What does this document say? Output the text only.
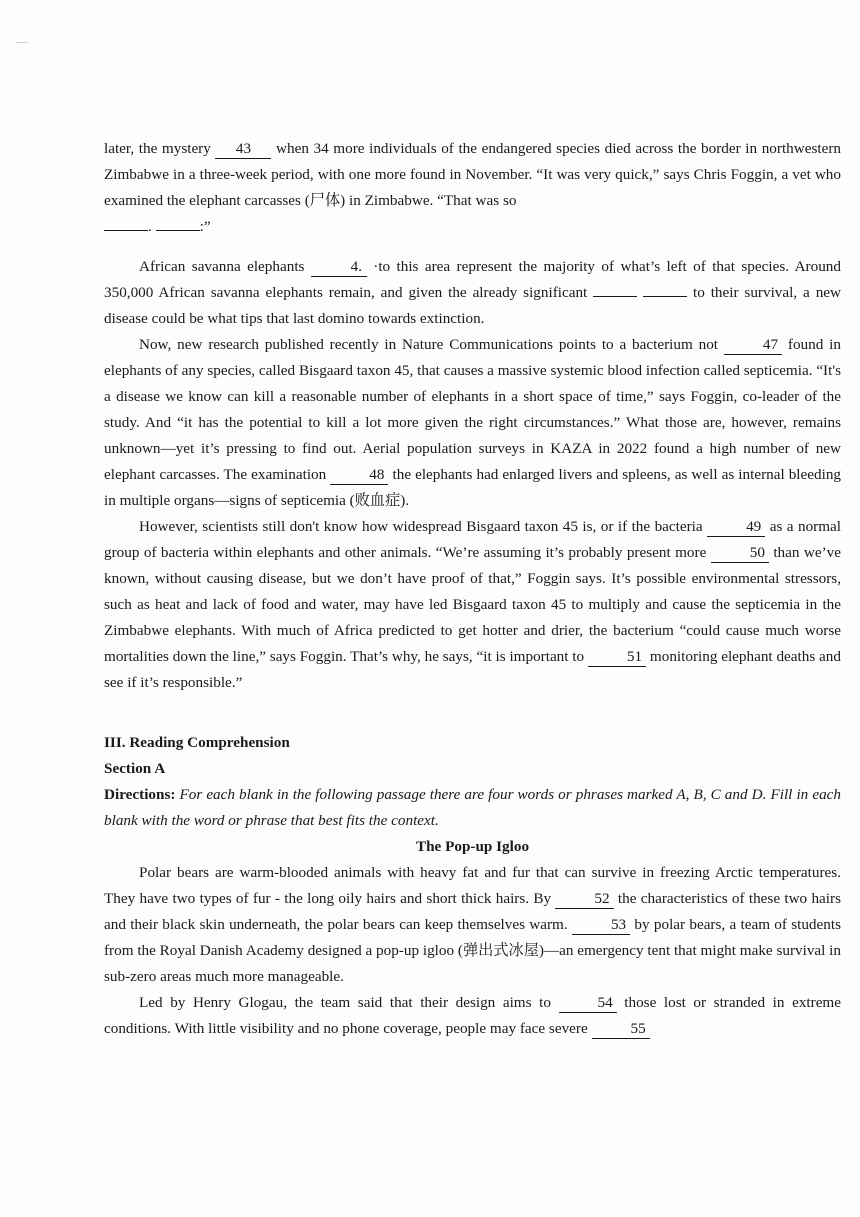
later, the mystery 43 when 34 more individuals of the endangered species died across the border in northwestern Zimbabwe in a three-week period, with one more found in November. “It was very quick,” says Chris Foggin, a vet who examined the elephant carcasses (尸体) in Zimbabwe. “That was so
.	:”

African savanna elephants	4. ·to this area represent the majority of what’s left of that species. Around 350,000 African savanna elephants remain, and given the already significant	to their survival, a new disease could be what tips that last domino towards extinction.

Now, new research published recently in Nature Communications points to a bacterium not	47 found in elephants of any species, called Bisgaard taxon 45, that causes a massive systemic blood infection called septicemia. “It's a disease we know can kill a reasonable number of elephants in a short space of time,” says Foggin, co-leader of the study. And “it has the potential to kill a lot more given the right circumstances.” What those are, however, remains unknown—yet it’s pressing to find out. Aerial population surveys in KAZA in 2022 found a high number of new elephant carcasses. The examination	48 the elephants had enlarged livers and spleens, as well as internal bleeding in multiple organs—signs of septicemia (败血症).

However, scientists still don't know how widespread Bisgaard taxon 45 is, or if the bacteria	49 as a normal group of bacteria within elephants and other animals. “We’re assuming it’s probably present more	50 than we’ve known, without causing disease, but we don’t have proof of that,” Foggin says. It’s possible environmental stressors, such as heat and lack of food and water, may have led Bisgaard taxon 45 to multiply and cause the septicemia in the Zimbabwe elephants. With much of Africa predicted to get hotter and drier, the bacterium “could cause much worse mortalities down the line,” says Foggin. That’s why, he says, “it is important to	51 monitoring elephant deaths and see if it’s responsible.”

III. Reading Comprehension

Section A

Directions: For each blank in the following passage there are four words or phrases marked A, B, C and D. Fill in each blank with the word or phrase that best fits the context.

The Pop-up Igloo

Polar bears are warm-blooded animals with heavy fat and fur that can survive in freezing Arctic temperatures. They have two types of fur - the long oily hairs and short thick hairs. By	52 the characteristics of these two hairs and their black skin underneath, the polar bears can keep themselves warm.	53 by polar bears, a team of students from the Royal Danish Academy designed a pop-up igloo (弹出式冰屋)—an emergency tent that might make survival in sub-zero areas much more manageable.

Led by Henry Glogau, the team said that their design aims to	54 those lost or stranded in extreme conditions. With little visibility and no phone coverage, people may face severe	55
